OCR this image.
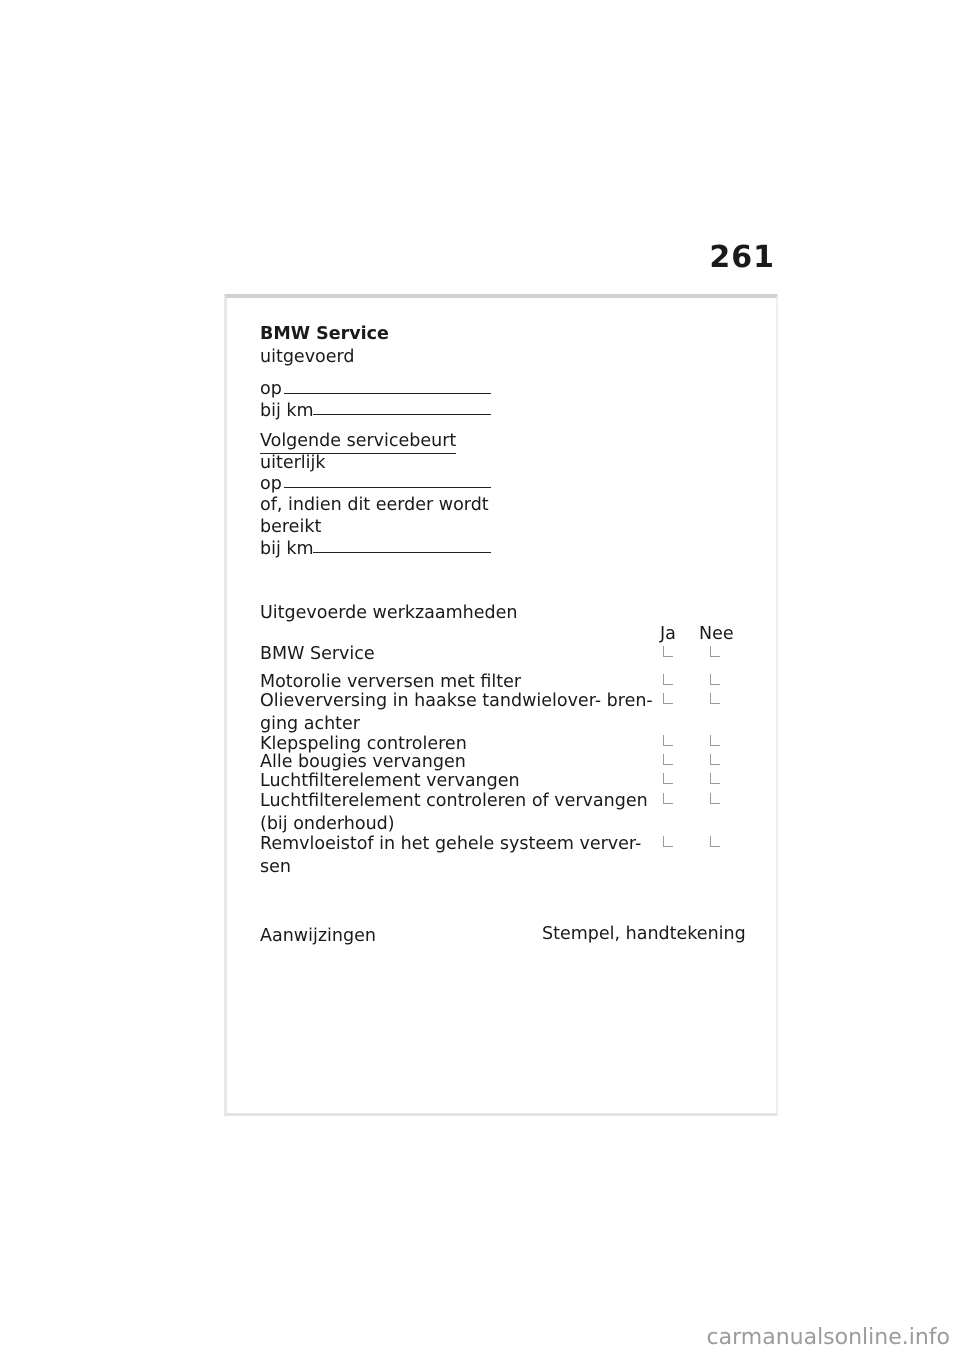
261
BMW Service
uitgevoerd
op
bij km
Volgende servicebeurt
uiterlijk
op
of, indien dit eerder wordt
bereikt
bij km
Uitgevoerde werkzaamheden
Ja Nee
BMW Service
Motorolie verversen met filter
Olieverversing in haakse tandwielover- bren-
ging achter
Klepspeling controleren
Alle bougies vervangen
Luchtfilterelement vervangen
Luchtfilterelement controleren of vervangen
(bij onderhoud)
Remvloeistof in het gehele systeem verver-
sen
Aanwijzingen	Stempel, handtekening
carmanualsonline.info
